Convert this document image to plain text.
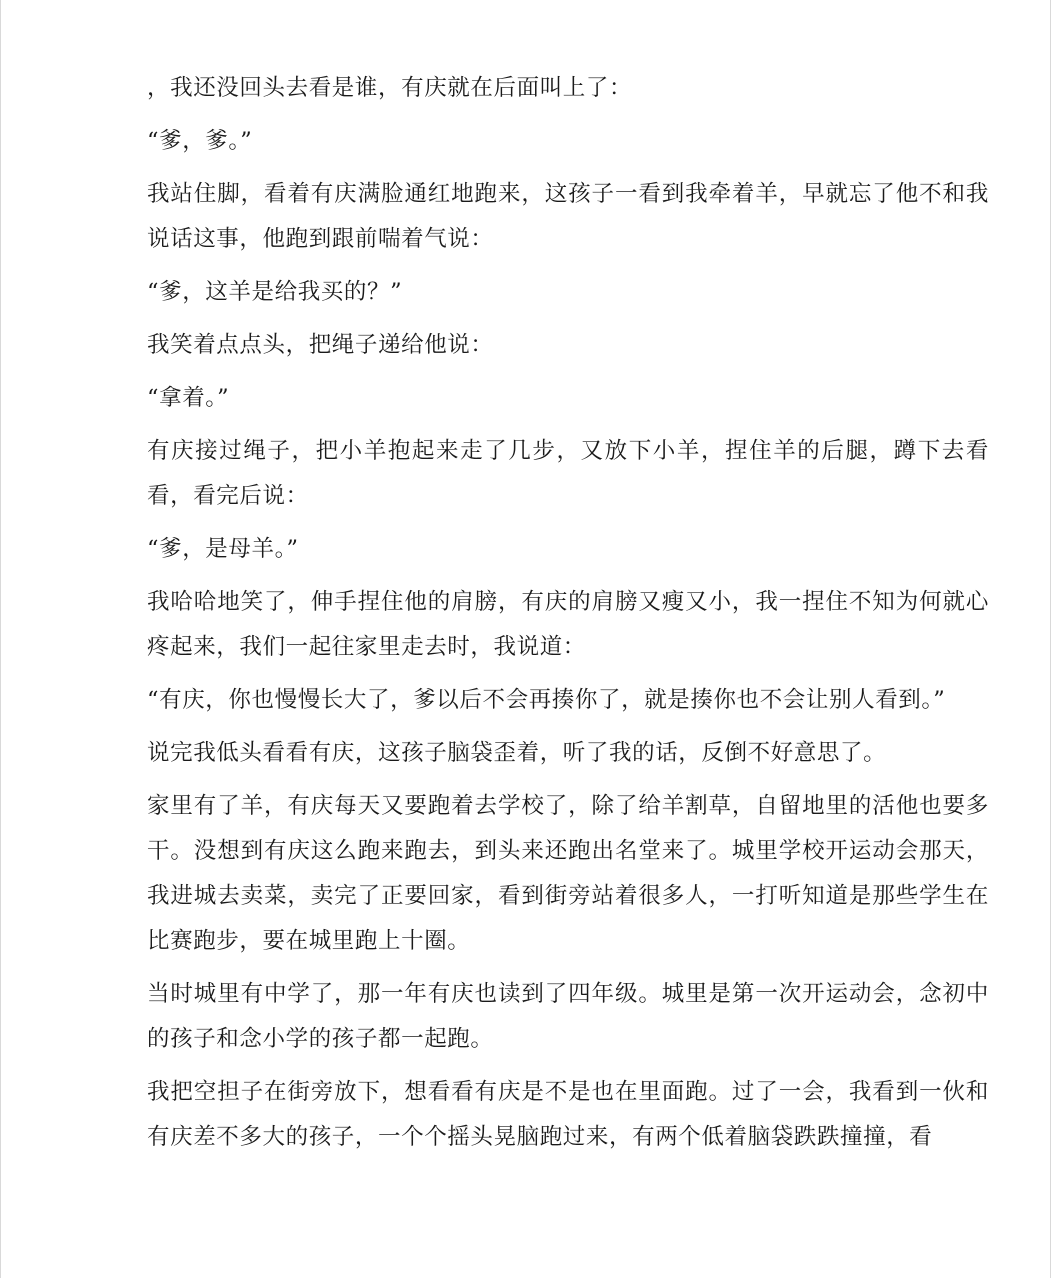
，我还没回头去看是谁，有庆就在后面叫上了：

“爹，爹。”

我站住脚，看着有庆满脸通红地跑来，这孩子一看到我牵着羊，早就忘了他不和我说话这事，他跑到跟前喘着气说：

“爹，这羊是给我买的？”

我笑着点点头，把绳子递给他说：

“拿着。”

有庆接过绳子，把小羊抱起来走了几步，又放下小羊，捏住羊的后腿，蹲下去看看，看完后说：

“爹，是母羊。”

我哈哈地笑了，伸手捏住他的肩膀，有庆的肩膀又瘦又小，我一捏住不知为何就心疼起来，我们一起往家里走去时，我说道：

“有庆，你也慢慢长大了，爹以后不会再揍你了，就是揍你也不会让别人看到。”

说完我低头看看有庆，这孩子脑袋歪着，听了我的话，反倒不好意思了。

家里有了羊，有庆每天又要跑着去学校了，除了给羊割草，自留地里的活他也要多干。没想到有庆这么跑来跑去，到头来还跑出名堂来了。城里学校开运动会那天，我进城去卖菜，卖完了正要回家，看到街旁站着很多人，一打听知道是那些学生在比赛跑步，要在城里跑上十圈。

当时城里有中学了，那一年有庆也读到了四年级。城里是第一次开运动会，念初中的孩子和念小学的孩子都一起跑。

我把空担子在街旁放下，想看看有庆是不是也在里面跑。过了一会，我看到一伙和有庆差不多大的孩子，一个个摇头晃脑跑过来，有两个低着脑袋跌跌撞撞，看
